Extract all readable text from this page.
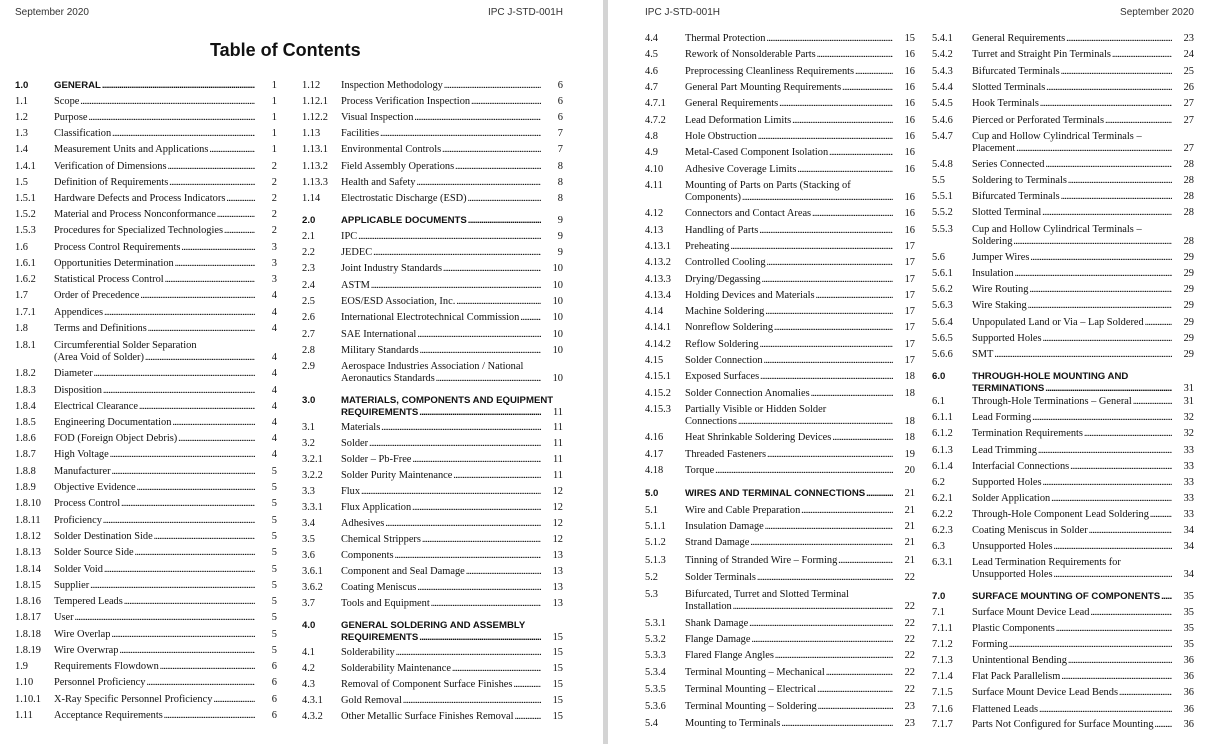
September 2020	IPC J-STD-001H
Table of Contents
1.0	GENERAL . . .	1
1.1	Scope . . .	1
1.2	Purpose . . .	1
1.3	Classification . . .	1
1.4	Measurement Units and Applications . . .	1
1.4.1 Verification of Dimensions . . .	2
1.5	Definition of Requirements . . .	2
1.5.1 Hardware Defects and Process Indicators . . .	2
1.5.2 Material and Process Nonconformance . . .	2
1.5.3 Procedures for Specialized Technologies . . .	2
1.6	Process Control Requirements . . .	3
1.6.1 Opportunities Determination . . .	3
1.6.2 Statistical Process Control . . .	3
1.7	Order of Precedence . . .	4
1.7.1 Appendices . . .	4
1.8	Terms and Definitions . . .	4
1.8.1 Circumferential Solder Separation
(Area Void of Solder) . . .	4
1.8.2 Diameter . . .	4
1.8.3 Disposition . . .	4
1.8.4 Electrical Clearance . . .	4
1.8.5 Engineering Documentation . . .	4
1.8.6 FOD (Foreign Object Debris) . . .	4
1.8.7 High Voltage . . .	4
1.8.8 Manufacturer . . .	5
1.8.9 Objective Evidence . . .	5
1.8.10 Process Control . . .	5
1.8.11 Proficiency . . .	5
1.8.12 Solder Destination Side . . .	5
1.8.13 Solder Source Side . . .	5
1.8.14 Solder Void . . .	5
1.8.15 Supplier . . .	5
1.8.16 Tempered Leads . . .	5
1.8.17 User . . .	5
1.8.18 Wire Overlap . . .	5
1.8.19 Wire Overwrap . . .	5
1.9	Requirements Flowdown . . .	6
1.10 Personnel Proficiency . . .	6
1.10.1 X-Ray Specific Personnel Proficiency . . .	6
1.11 Acceptance Requirements . . .	6
1.12 Inspection Methodology . . .	6
1.12.1 Process Verification Inspection . . .	6
1.12.2 Visual Inspection . . .	6
1.13 Facilities . . .	7
1.13.1 Environmental Controls . . .	7
1.13.2 Field Assembly Operations . . .	8
1.13.3 Health and Safety . . .	8
1.14 Electrostatic Discharge (ESD) . . .	8
2.0	APPLICABLE DOCUMENTS . . .	9
2.1	IPC . . .	9
2.2	JEDEC . . .	9
2.3	Joint Industry Standards . . .	10
2.4	ASTM . . .	10
2.5	EOS/ESD Association, Inc. . . .	10
2.6	International Electrotechnical Commission . . .	10
2.7	SAE International . . .	10
2.8	Military Standards . . .	10
2.9	Aerospace Industries Association / National
Aeronautics Standards . . .	10
3.0	MATERIALS, COMPONENTS AND EQUIPMENT
REQUIREMENTS . . .	11
3.1	Materials . . .	11
3.2	Solder . . .	11
3.2.1 Solder – Pb-Free . . .	11
3.2.2 Solder Purity Maintenance . . .	11
3.3	Flux . . .	12
3.3.1 Flux Application . . .	12
3.4	Adhesives . . .	12
3.5	Chemical Strippers . . .	12
3.6	Components . . .	13
3.6.1 Component and Seal Damage . . .	13
3.6.2 Coating Meniscus . . .	13
3.7	Tools and Equipment . . .	13
4.0	GENERAL SOLDERING AND ASSEMBLY
REQUIREMENTS . . .	15
4.1	Solderability . . .	15
4.2	Solderability Maintenance . . .	15
4.3	Removal of Component Surface Finishes . . .	15
4.3.1 Gold Removal . . .	15
4.3.2 Other Metallic Surface Finishes Removal . . .	15
IPC J-STD-001H	September 2020
4.4	Thermal Protection . . .	15
4.5	Rework of Nonsolderable Parts . . .	16
4.6	Preprocessing Cleanliness Requirements . . .	16
4.7	General Part Mounting Requirements . . .	16
4.7.1 General Requirements . . .	16
4.7.2 Lead Deformation Limits . . .	16
4.8	Hole Obstruction . . .	16
4.9	Metal-Cased Component Isolation . . .	16
4.10 Adhesive Coverage Limits . . .	16
4.11 Mounting of Parts on Parts (Stacking of
Components) . . .	16
4.12 Connectors and Contact Areas . . .	16
4.13 Handling of Parts . . .	16
4.13.1 Preheating . . .	17
4.13.2 Controlled Cooling . . .	17
4.13.3 Drying/Degassing . . .	17
4.13.4 Holding Devices and Materials . . .	17
4.14 Machine Soldering . . .	17
4.14.1 Nonreflow Soldering . . .	17
4.14.2 Reflow Soldering . . .	17
4.15 Solder Connection . . .	17
4.15.1 Exposed Surfaces . . .	18
4.15.2 Solder Connection Anomalies . . .	18
4.15.3 Partially Visible or Hidden Solder
Connections . . .	18
4.16 Heat Shrinkable Soldering Devices . . .	18
4.17 Threaded Fasteners . . .	19
4.18 Torque . . .	20
5.0	WIRES AND TERMINAL CONNECTIONS . . .	21
5.1	Wire and Cable Preparation . . .	21
5.1.1 Insulation Damage . . .	21
5.1.2 Strand Damage . . .	21
5.1.3 Tinning of Stranded Wire – Forming . . .	21
5.2	Solder Terminals . . .	22
5.3	Bifurcated, Turret and Slotted Terminal
Installation . . .	22
5.3.1 Shank Damage . . .	22
5.3.2 Flange Damage . . .	22
5.3.3 Flared Flange Angles . . .	22
5.3.4 Terminal Mounting – Mechanical . . .	22
5.3.5 Terminal Mounting – Electrical . . .	22
5.3.6 Terminal Mounting – Soldering . . .	23
5.4	Mounting to Terminals . . .	23
5.4.1 General Requirements . . .	23
5.4.2 Turret and Straight Pin Terminals . . .	24
5.4.3 Bifurcated Terminals . . .	25
5.4.4 Slotted Terminals . . .	26
5.4.5 Hook Terminals . . .	27
5.4.6 Pierced or Perforated Terminals . . .	27
5.4.7 Cup and Hollow Cylindrical Terminals –
Placement . . .	27
5.4.8 Series Connected . . .	28
5.5	Soldering to Terminals . . .	28
5.5.1 Bifurcated Terminals . . .	28
5.5.2 Slotted Terminal . . .	28
5.5.3 Cup and Hollow Cylindrical Terminals –
Soldering . . .	28
5.6	Jumper Wires . . .	29
5.6.1 Insulation . . .	29
5.6.2 Wire Routing . . .	29
5.6.3 Wire Staking . . .	29
5.6.4 Unpopulated Land or Via – Lap Soldered . . .	29
5.6.5 Supported Holes . . .	29
5.6.6 SMT . . .	29
6.0	THROUGH-HOLE MOUNTING AND
TERMINATIONS . . .	31
6.1	Through-Hole Terminations – General . . .	31
6.1.1 Lead Forming . . .	32
6.1.2 Termination Requirements . . .	32
6.1.3 Lead Trimming . . .	33
6.1.4 Interfacial Connections . . .	33
6.2	Supported Holes . . .	33
6.2.1 Solder Application . . .	33
6.2.2 Through-Hole Component Lead Soldering . . .	33
6.2.3 Coating Meniscus in Solder . . .	34
6.3	Unsupported Holes . . .	34
6.3.1 Lead Termination Requirements for
Unsupported Holes . . .	34
7.0	SURFACE MOUNTING OF COMPONENTS . . .	35
7.1	Surface Mount Device Lead . . .	35
7.1.1 Plastic Components . . .	35
7.1.2 Forming . . .	35
7.1.3 Unintentional Bending . . .	36
7.1.4 Flat Pack Parallelism . . .	36
7.1.5 Surface Mount Device Lead Bends . . .	36
7.1.6 Flattened Leads . . .	36
7.1.7 Parts Not Configured for Surface Mounting . . .	36
